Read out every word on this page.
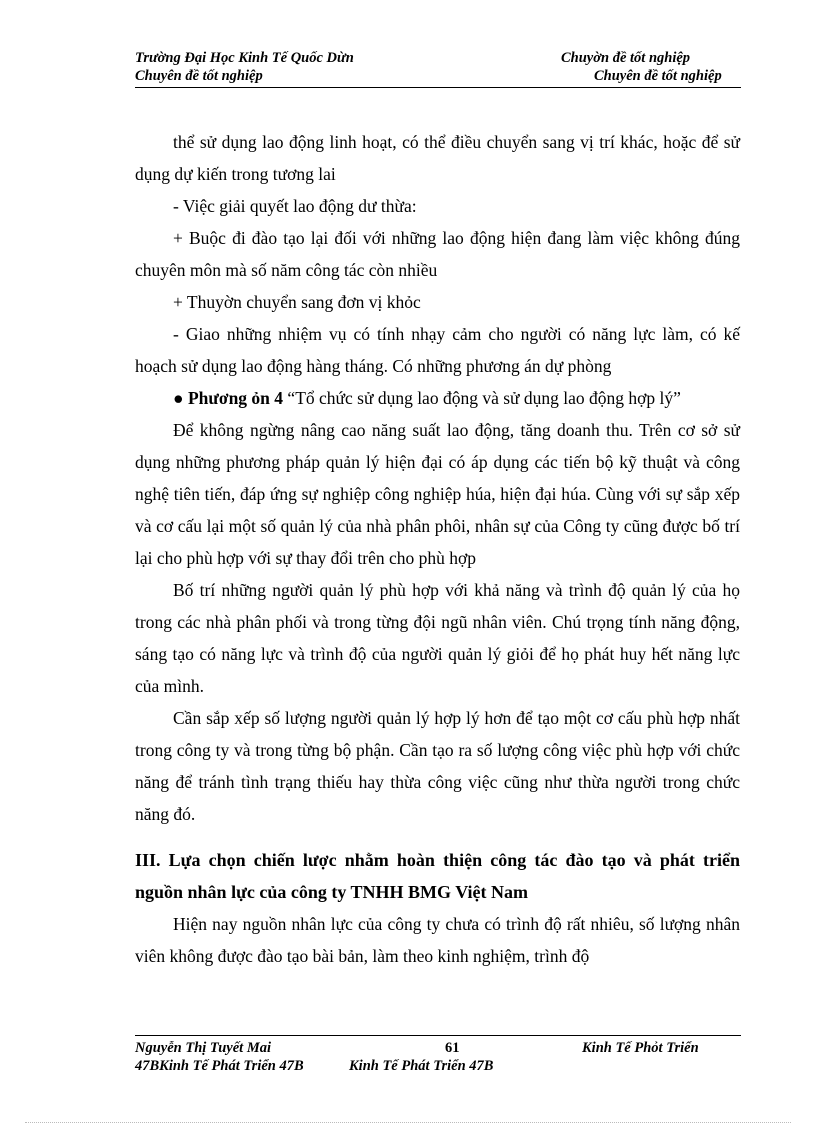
Trường Đại Học Kinh Tế Quốc Dừn	Chuyờn đề tốt nghiệp
Chuyên đề tốt nghiệp	Chuyên đề tốt nghiệp

thể sử dụng lao động linh hoạt, có thể điều chuyển sang vị trí khác, hoặc để sử dụng dự kiến trong tương lai

- Việc giải quyết lao động dư thừa:

+ Buộc đi đào tạo lại đối với những lao động hiện đang làm việc không đúng chuyên môn mà số năm công tác còn nhiều

+ Thuyờn chuyển sang đơn vị khỏc

- Giao những nhiệm vụ có tính nhạy cảm cho người có năng lực làm, có kế hoạch sử dụng lao động hàng tháng. Có những phương án dự phòng

● Phương ỏn 4 “Tổ chức sử dụng lao động và sử dụng lao động hợp lý”

Để không ngừng nâng cao năng suất lao động, tăng doanh thu. Trên cơ sở sử dụng những phương pháp quản lý hiện đại có áp dụng các tiến bộ kỹ thuật và công nghệ tiên tiến, đáp ứng sự nghiệp công nghiệp húa, hiện đại húa. Cùng với sự sắp xếp và cơ cấu lại một số quản lý của nhà phân phôi, nhân sự của Công ty cũng được bố trí lại cho phù hợp với sự thay đổi trên cho phù hợp

Bố trí những người quản lý phù hợp với khả năng và trình độ quản lý của họ trong các nhà phân phối và trong từng đội ngũ nhân viên. Chú trọng tính năng động, sáng tạo có năng lực và trình độ của người quản lý giỏi để họ phát huy hết năng lực của mình.

Cần sắp xếp số lượng người quản lý hợp lý hơn để tạo một cơ cấu phù hợp nhất trong công ty và trong từng bộ phận. Cần tạo ra số lượng công việc phù hợp với chức năng để tránh tình trạng thiếu hay thừa công việc cũng như thừa người trong chức năng đó.

III. Lựa chọn chiến lược nhằm hoàn thiện công tác đào tạo và phát triển nguồn nhân lực của công ty TNHH BMG Việt Nam

Hiện nay nguồn nhân lực của công ty chưa có trình độ rất nhiêu, số lượng nhân viên không được đào tạo bài bản, làm theo kinh nghiệm, trình độ

Nguyễn Thị Tuyết Mai	61	Kinh Tế Phỏt Triển
47BKinh Tế Phát Triển 47B	Kinh Tế Phát Triển 47B
